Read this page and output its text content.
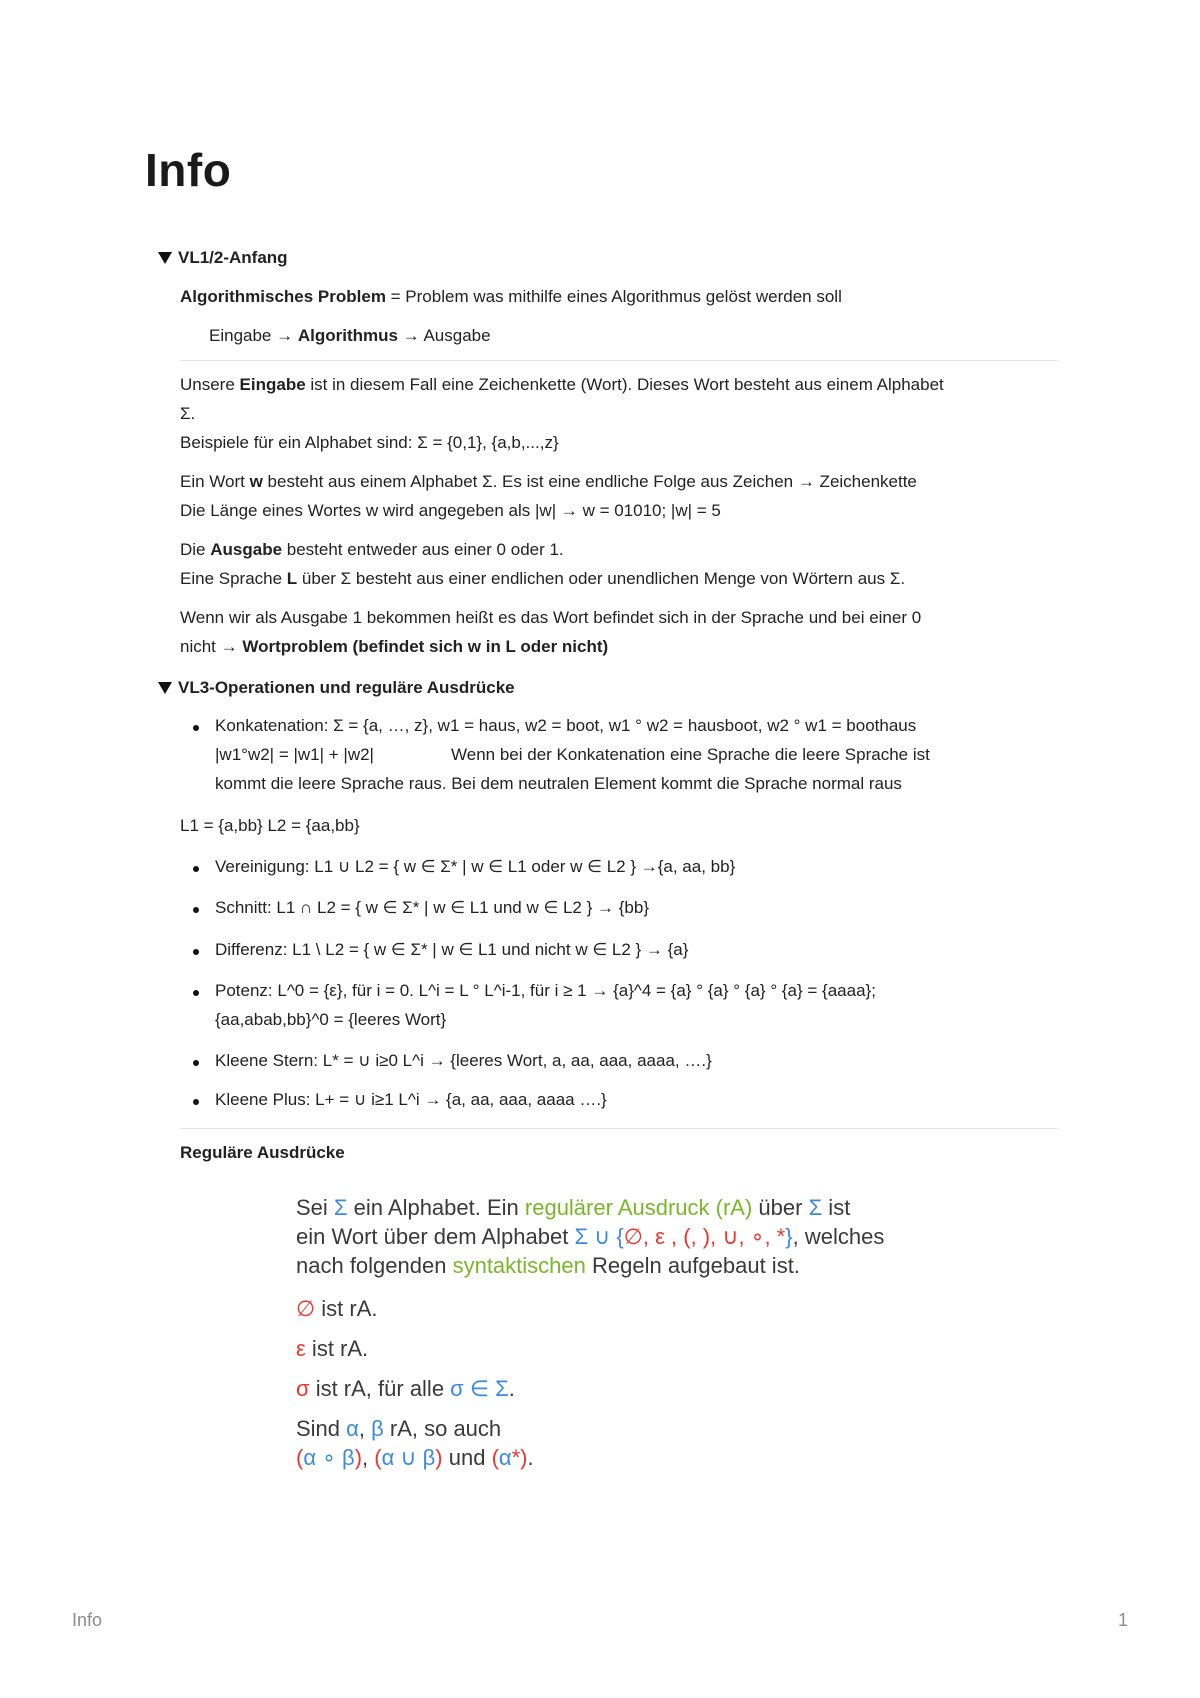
Info
VL1/2-Anfang
Algorithmisches Problem = Problem was mithilfe eines Algorithmus gelöst werden soll
Eingabe → Algorithmus → Ausgabe
Unsere Eingabe ist in diesem Fall eine Zeichenkette (Wort). Dieses Wort besteht aus einem Alphabet
Σ.
Beispiele für ein Alphabet sind: Σ = {0,1}, {a,b,...,z}
Ein Wort w besteht aus einem Alphabet Σ. Es ist eine endliche Folge aus Zeichen → Zeichenkette
Die Länge eines Wortes w wird angegeben als |w| → w = 01010; |w| = 5
Die Ausgabe besteht entweder aus einer 0 oder 1.
Eine Sprache L über Σ besteht aus einer endlichen oder unendlichen Menge von Wörtern aus Σ.
Wenn wir als Ausgabe 1 bekommen heißt es das Wort befindet sich in der Sprache und bei einer 0
nicht → Wortproblem (befindet sich w in L oder nicht)
VL3-Operationen und reguläre Ausdrücke
Konkatenation: Σ = {a, …, z}, w1 = haus, w2 = boot, w1 ° w2 = hausboot, w2 ° w1 = boothaus
|w1°w2| = |w1| + |w2|	Wenn bei der Konkatenation eine Sprache die leere Sprache ist
kommt die leere Sprache raus. Bei dem neutralen Element kommt die Sprache normal raus
L1 = {a,bb} L2 = {aa,bb}
Vereinigung: L1 ∪ L2 = { w ∈ Σ* | w ∈ L1 oder w ∈ L2 } →{a, aa, bb}
Schnitt: L1 ∩ L2 = { w ∈ Σ* | w ∈ L1 und w ∈ L2 } → {bb}
Differenz: L1 \ L2 = { w ∈ Σ* | w ∈ L1 und nicht w ∈ L2 } → {a}
Potenz: L^0 = {ε}, für i = 0. L^i = L ° L^i-1, für i ≥ 1 → {a}^4 = {a} ° {a} ° {a} ° {a} = {aaaa};
{aa,abab,bb}^0 = {leeres Wort}
Kleene Stern: L* = ∪ i≥0 L^i → {leeres Wort, a, aa, aaa, aaaa, ….}
Kleene Plus: L+ = ∪ i≥1 L^i → {a, aa, aaa, aaaa ….}
Reguläre Ausdrücke
Sei Σ ein Alphabet. Ein regulärer Ausdruck (rA) über Σ ist
ein Wort über dem Alphabet Σ ∪ {∅, ε , (, ), ∪, ∘, *}, welches
nach folgenden syntaktischen Regeln aufgebaut ist.
∅ ist rA.
ε ist rA.
σ ist rA, für alle σ ∈ Σ.
Sind α, β rA, so auch
(α ∘ β), (α ∪ β) und (α*).
Info	1
